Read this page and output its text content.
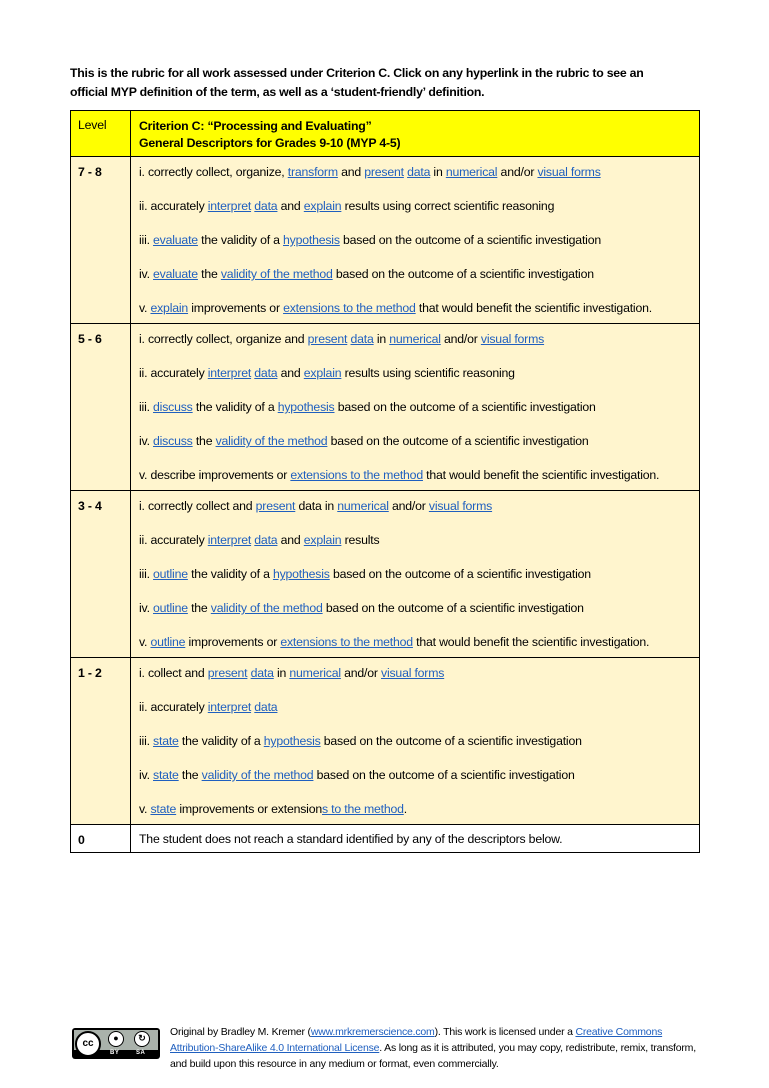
This is the rubric for all work assessed under Criterion C. Click on any hyperlink in the rubric to see an
official MYP definition of the term, as well as a ‘student-friendly’ definition.
Level	Criterion C: “Processing and Evaluating”
General Descriptors for Grades 9-10 (MYP 4-5)

7 - 8	i. correctly collect, organize, transform and present data in numerical and/or visual forms

ii. accurately interpret data and explain results using correct scientific reasoning

iii. evaluate the validity of a hypothesis based on the outcome of a scientific investigation

iv. evaluate the validity of the method based on the outcome of a scientific investigation

v. explain improvements or extensions to the method that would benefit the scientific investigation.

5 - 6	i. correctly collect, organize and present data in numerical and/or visual forms

ii. accurately interpret data and explain results using scientific reasoning

iii. discuss the validity of a hypothesis based on the outcome of a scientific investigation

iv. discuss the validity of the method based on the outcome of a scientific investigation

v. describe improvements or extensions to the method that would benefit the scientific investigation.

3 - 4	i. correctly collect and present data in numerical and/or visual forms

ii. accurately interpret data and explain results

iii. outline the validity of a hypothesis based on the outcome of a scientific investigation

iv. outline the validity of the method based on the outcome of a scientific investigation

v. outline improvements or extensions to the method that would benefit the scientific investigation.

1 - 2	i. collect and present data in numerical and/or visual forms

ii. accurately interpret data

iii. state the validity of a hypothesis based on the outcome of a scientific investigation

iv. state the validity of the method based on the outcome of a scientific investigation

v. state improvements or extensions to the method.

0	The student does not reach a standard identified by any of the descriptors below.
cc	●	↻
BY	SA
Original by Bradley M. Kremer (www.mrkremerscience.com). This work is licensed under a Creative Commons Attribution-ShareAlike 4.0 International License. As long as it is attributed, you may copy, redistribute, remix, transform, and build upon this resource in any medium or format, even commercially.
